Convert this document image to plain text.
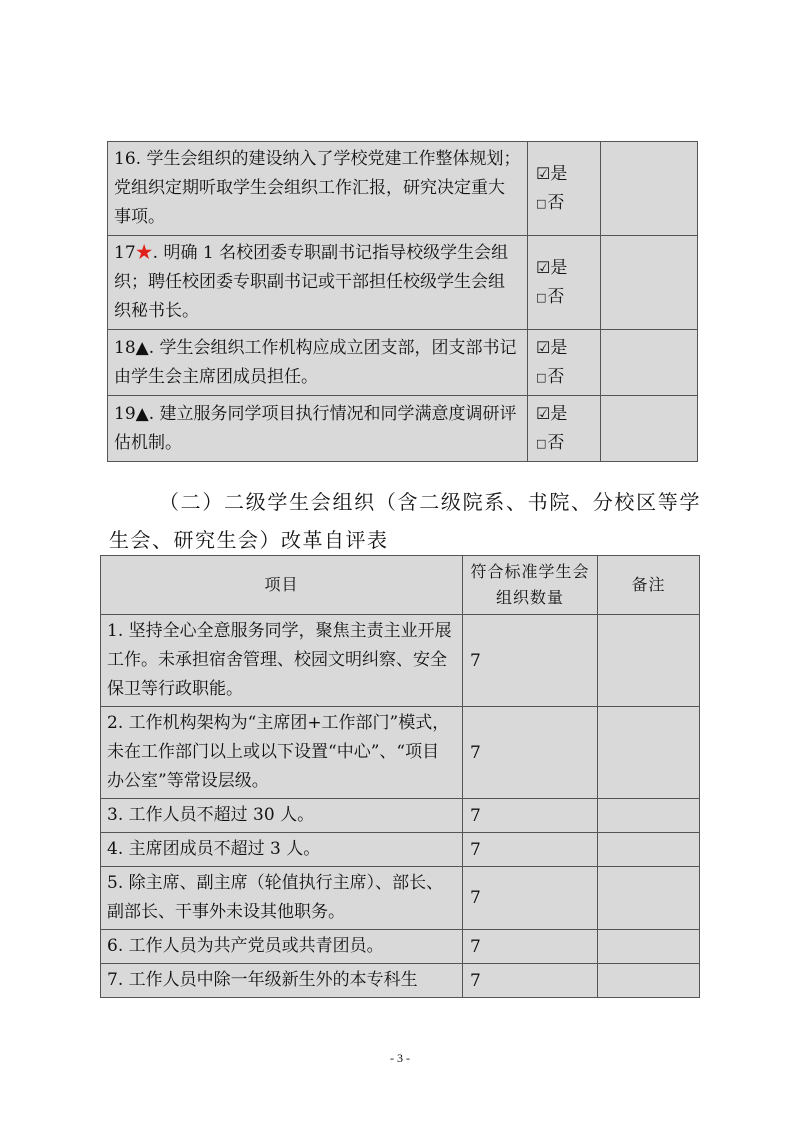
16. 学生会组织的建设纳入了学校党建工作整体规划；党组织定期听取学生会组织工作汇报，研究决定重大事项。	☑是
□否	

17★. 明确 1 名校团委专职副书记指导校级学生会组织；聘任校团委专职副书记或干部担任校级学生会组织秘书长。	☑是
□否	

18▲. 学生会组织工作机构应成立团支部，团支部书记由学生会主席团成员担任。	☑是
□否	

19▲. 建立服务同学项目执行情况和同学满意度调研评估机制。	☑是
□否	

（二）二级学生会组织（含二级院系、书院、分校区等学生会、研究生会）改革自评表
项目	符合标准学生会组织数量	备注
1. 坚持全心全意服务同学，聚焦主责主业开展工作。未承担宿舍管理、校园文明纠察、安全保卫等行政职能。	7	
2. 工作机构架构为“主席团+工作部门”模式，未在工作部门以上或以下设置“中心”、“项目办公室”等常设层级。	7	
3. 工作人员不超过 30 人。	7	
4. 主席团成员不超过 3 人。	7	
5. 除主席、副主席（轮值执行主席）、部长、副部长、干事外未设其他职务。	7	
6. 工作人员为共产党员或共青团员。	7	
7. 工作人员中除一年级新生外的本专科生	7	
- 3 -
